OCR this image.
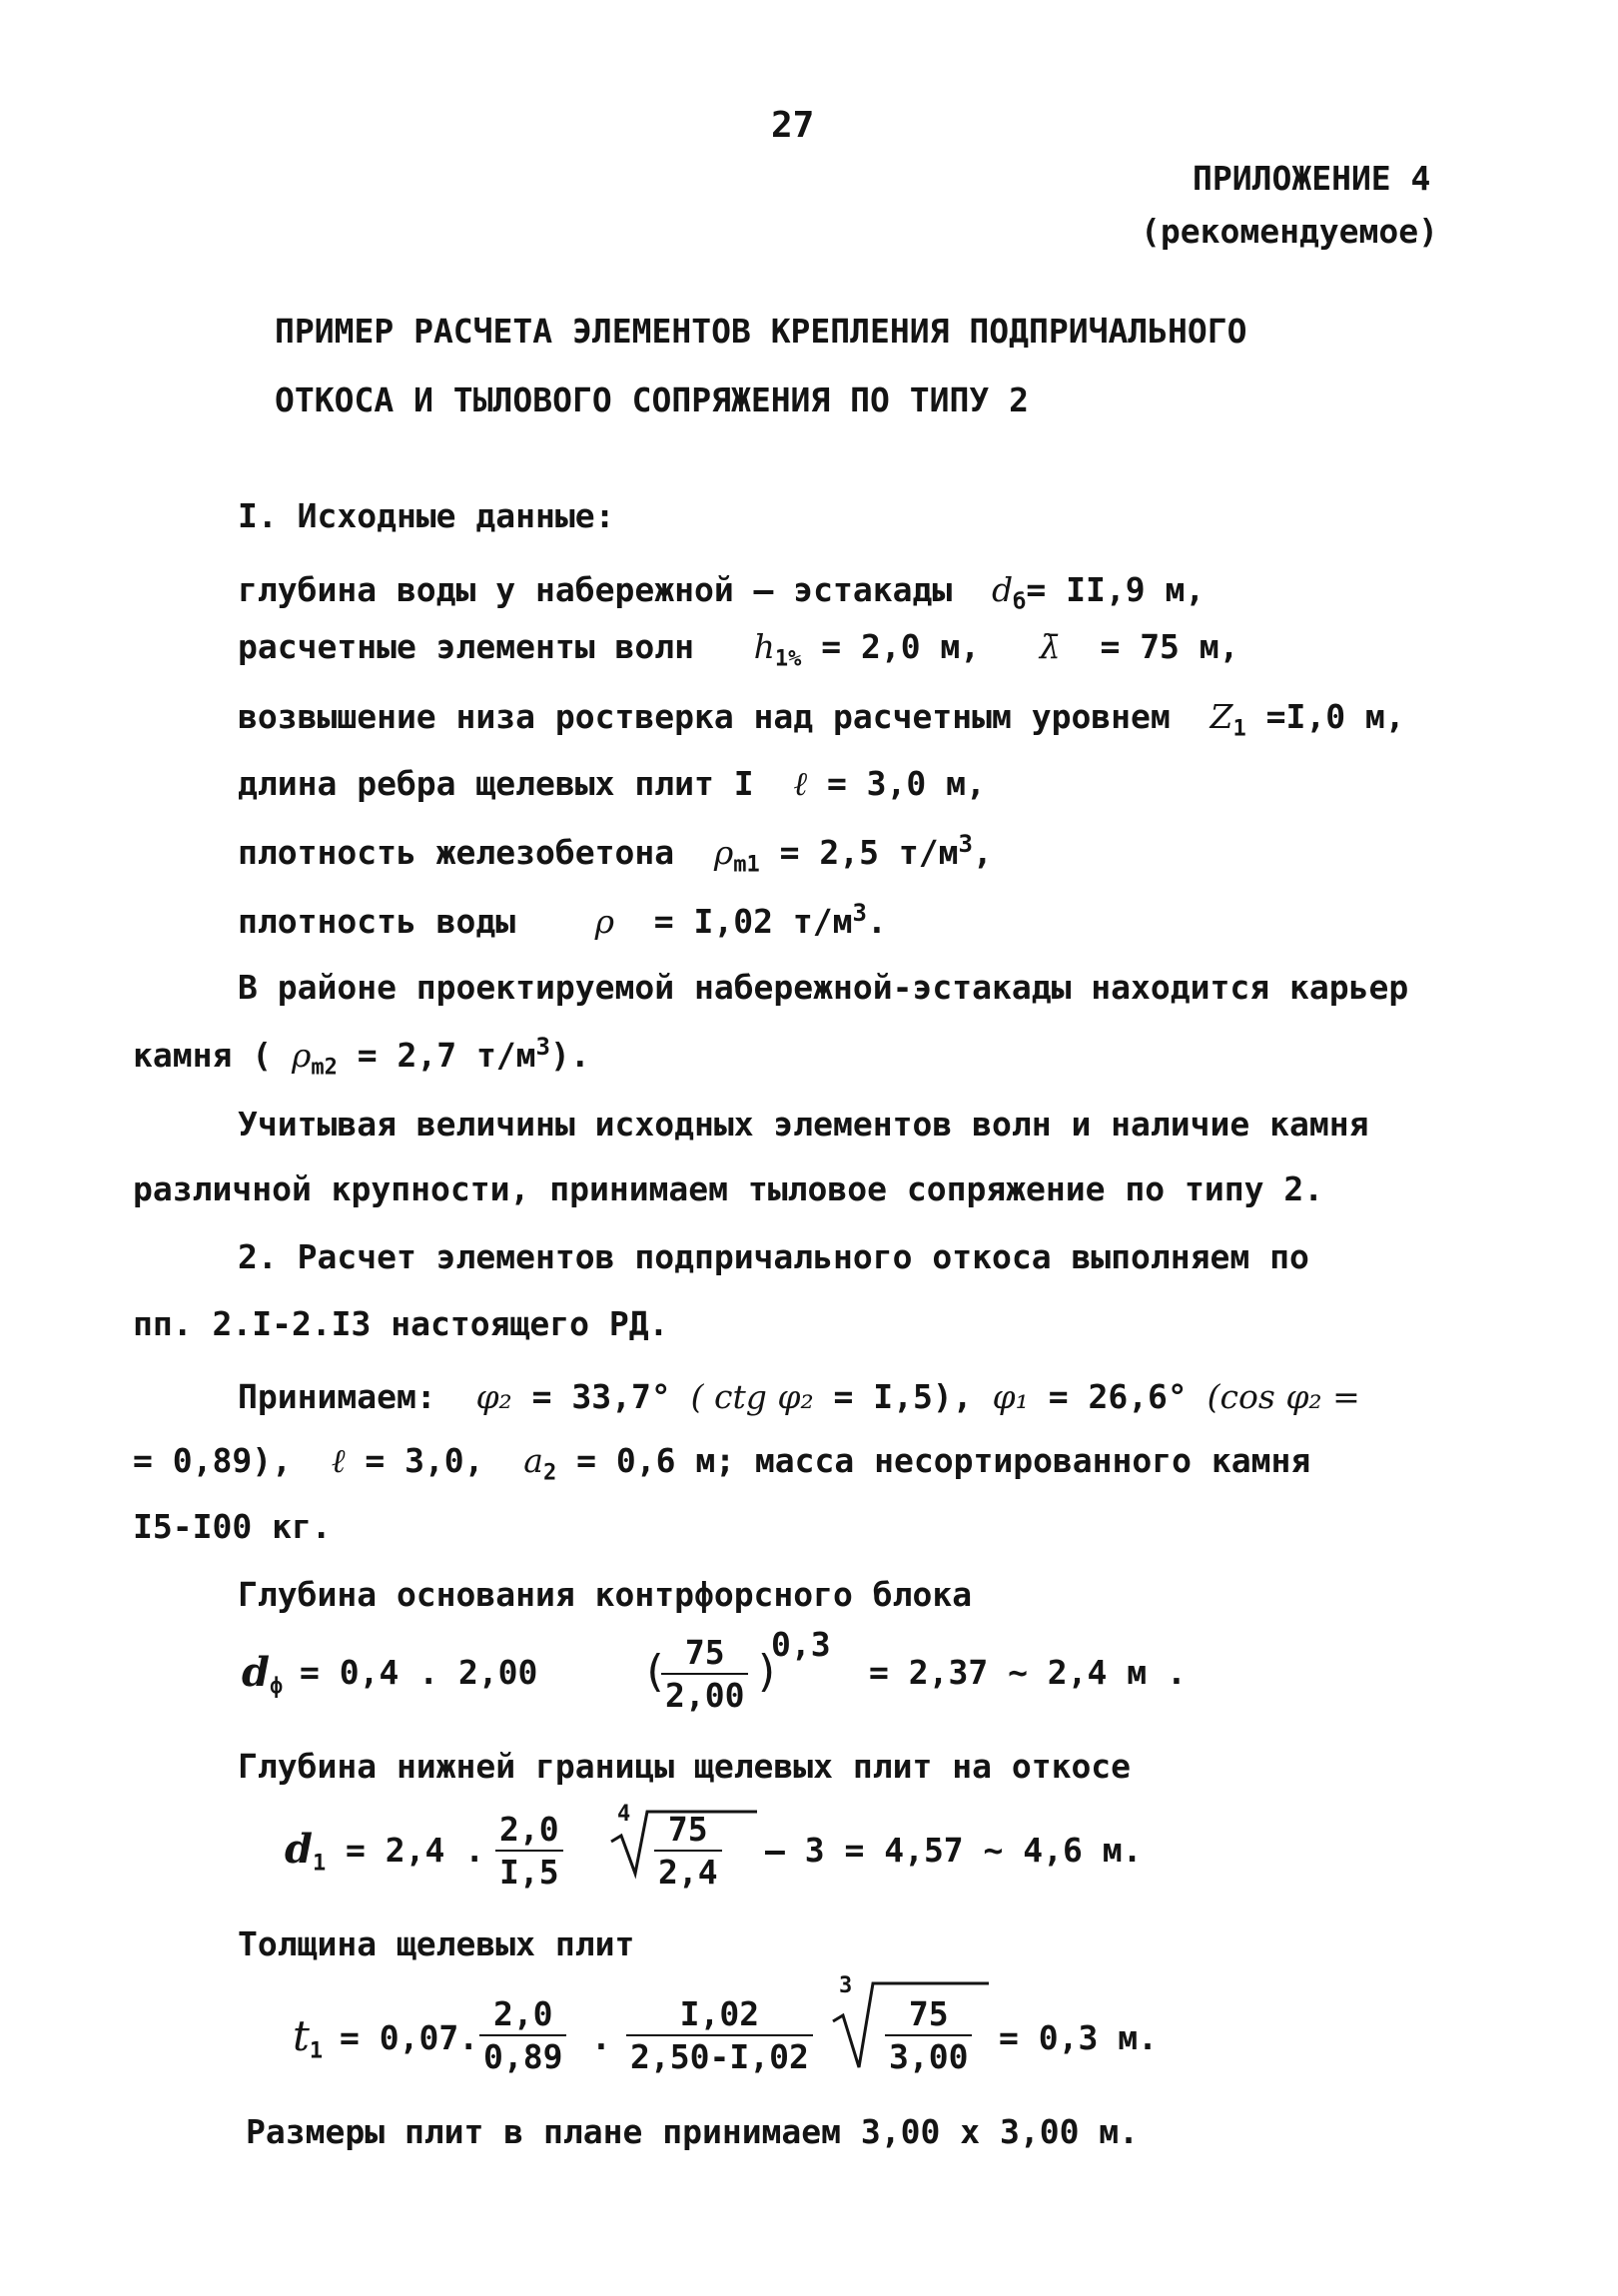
27
ПРИЛОЖЕНИЕ 4
(рекомендуемое)
ПРИМЕР РАСЧЕТА ЭЛЕМЕНТОВ КРЕПЛЕНИЯ ПОДПРИЧАЛЬНОГО
ОТКОСА И ТЫЛОВОГО СОПРЯЖЕНИЯ ПО ТИПУ 2
I. Исходные данные:
глубина воды у набережной – эстакады $d_б= II,9$ м,
расчетные элементы волн $h_{1\%} = 2,0$ м, λ̄ = 75 м,
возвышение низа ростверка над расчетным уровнем $Z_1 =I,0$ м,
длина ребра щелевых плит I ℓ = 3,0 м,
плотность железобетона $\rho_{m1} = 2,5$ $т/м^3$,
плотность воды ρ = I,02 $т/м^3$.
В районе проектируемой набережной-эстакады находится карьер
камня ( $\rho_{m2} = 2,7$ $т/м^3$).
Учитывая величины исходных элементов волн и наличие камня
различной крупности, принимаем тыловое сопряжение по типу 2.
2. Расчет элементов подпричального откоса выполняем по
пп. 2.I-2.I3 настоящего РД.
Принимаем: φ₂ = 33,7° ( ctg φ₂ = I,5), φ₁ = 26,6° (cos φ₂ =
= 0,89), ℓ = 3,0, $a_2 = 0,6$ м; масса несортированного камня
I5-I00 кг.
Глубина основания контрфорсного блока
$d_ф = 0,4$ . 2,00 (
$\frac{75}{2,00}$ )
0,3
= 2,37 ~ 2,4 м .
Глубина нижней границы щелевых плит на откосе
$d_1 = 2,4$ . $\frac{2,0}{I,5} 4 \frac{75}{2,4} - 3 = 4,57$ ~ 4,6 м.
Толщина щелевых плит
$t_1 = 0,07$. $\frac{2,0}{0,89}$ . $\frac{I,02}{2,50-I,02}$
3
$\frac{75}{3,00} = 0,3$ м.
Размеры плит в плане принимаем 3,00 х 3,00 м.
